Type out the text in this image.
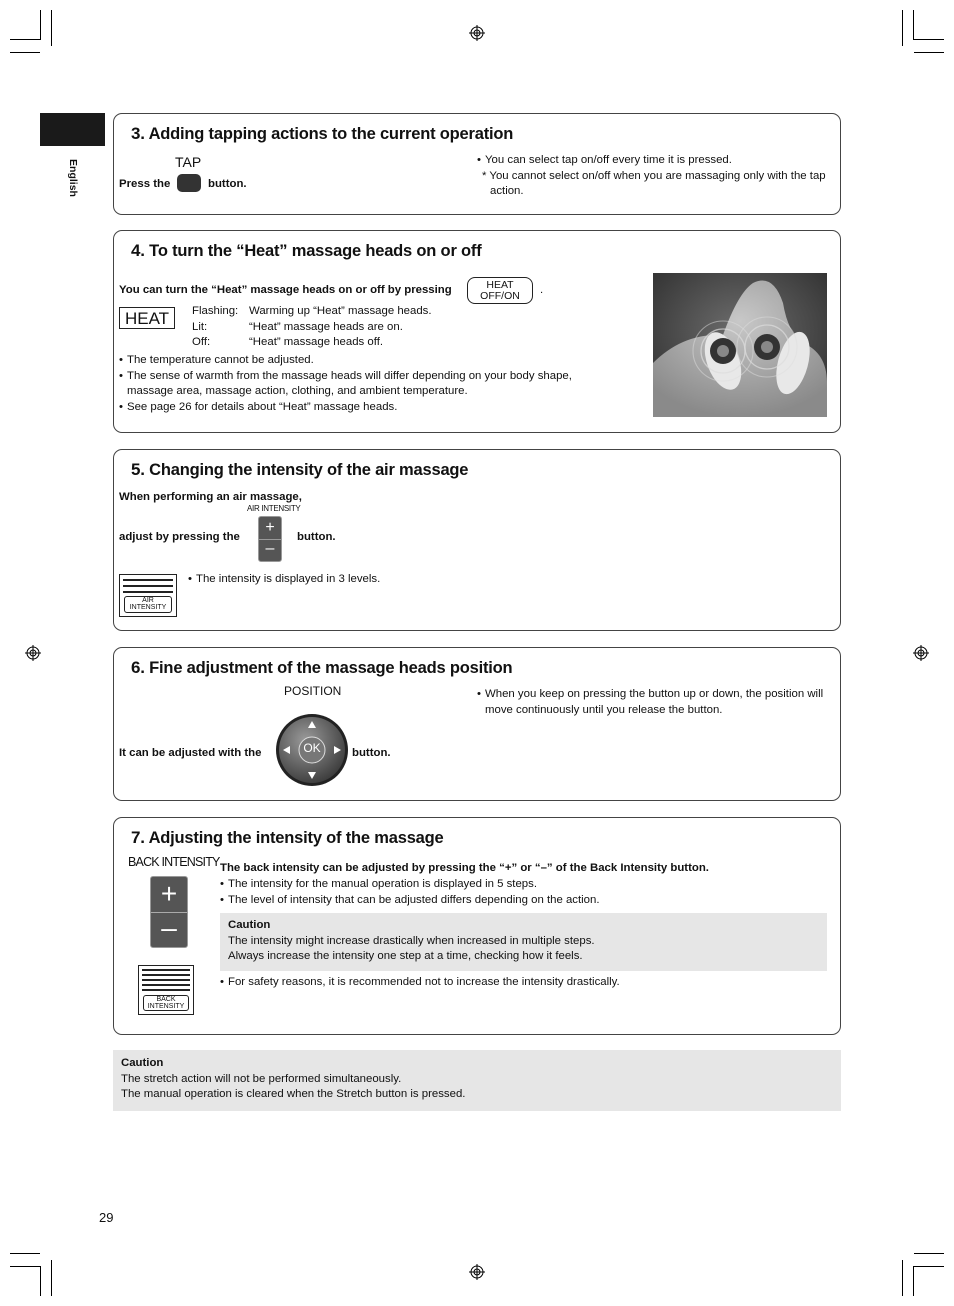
English
3. Adding tapping actions to the current operation
TAP
Press the	button.
• You can select tap on/off every time it is pressed.
* You cannot select on/off when you are massaging only with the tap action.
4. To turn the “Heat” massage heads on or off
You can turn the “Heat” massage heads on or off by pressing	HEAT
OFF/ON	.
HEAT	Flashing: Warming up “Heat” massage heads.
Lit:	“Heat” massage heads are on.
Off:	“Heat” massage heads off.
• The temperature cannot be adjusted.
• The sense of warmth from the massage heads will differ depending on your body shape, massage area, massage action, clothing, and ambient temperature.
• See page 26 for details about “Heat” massage heads.
5. Changing the intensity of the air massage
When performing an air massage,
AIR INTENSITY
adjust by pressing the
+
–
button.
AIR
INTENSITY
• The intensity is displayed in 3 levels.
6. Fine adjustment of the massage heads position
POSITION
It can be adjusted with the	OK	button.
• When you keep on pressing the button up or down, the position will move continuously until you release the button.
7. Adjusting the intensity of the massage
BACK INTENSITY
+
–
BACK
INTENSITY
The back intensity can be adjusted by pressing the “+” or “–” of the Back Intensity button.
• The intensity for the manual operation is displayed in 5 steps.
• The level of intensity that can be adjusted differs depending on the action.
Caution
The intensity might increase drastically when increased in multiple steps.
Always increase the intensity one step at a time, checking how it feels.
• For safety reasons, it is recommended not to increase the intensity drastically.
Caution
The stretch action will not be performed simultaneously.
The manual operation is cleared when the Stretch button is pressed.
29
